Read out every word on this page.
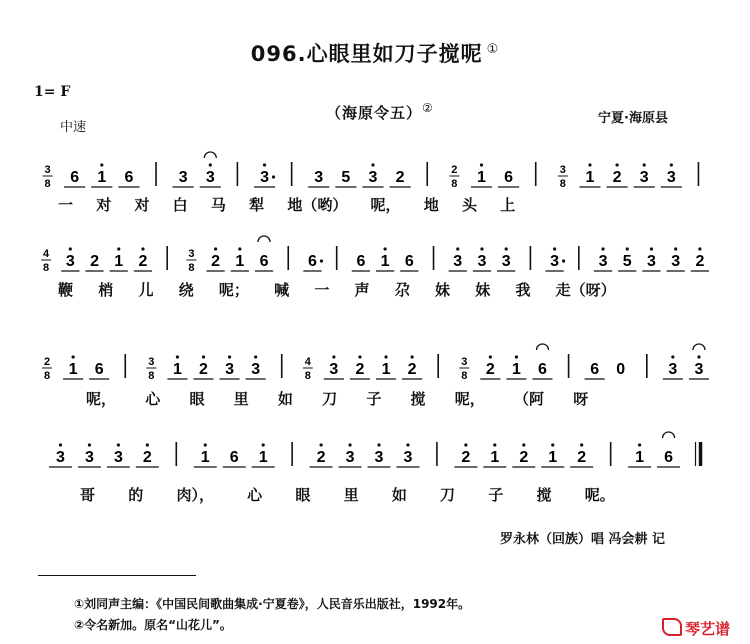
096.心眼里如刀子搅呢 ①
1= F
中速
（海原令五）②
宁夏·海原县
3
8 6 1 6	3 3	3	3 5 3 2	2
8 1 6	3
8 1 2 3 3
4
8 3 2 1 2	3
8 2 1 6 6 6 1 6 3 3 3 3 3 5 3 3 2
2
8 1 6	3
8 1 2 3 3	4
8 3 2 1 2	3
8 2 1 6	6 0	3 3
3 3 3 2	1 6 1	2 3 3 3	2 1 2 1 2	1 6
一 对 对 白 马 犁 地（哟） 呢， 地 头 上
鞭 梢 儿 绕 呢； 喊 一 声 尕 妹 妹 我 走（呀）
呢， 心 眼 里 如 刀 子 搅 呢， （阿 呀
哥 的 肉）， 心 眼 里 如 刀 子 搅 呢。
罗永林（回族）唱 冯会耕 记
①刘同声主编：《中国民间歌曲集成·宁夏卷》，人民音乐出版社，1992年。
②令名新加。原名“山花儿”。	琴艺谱
